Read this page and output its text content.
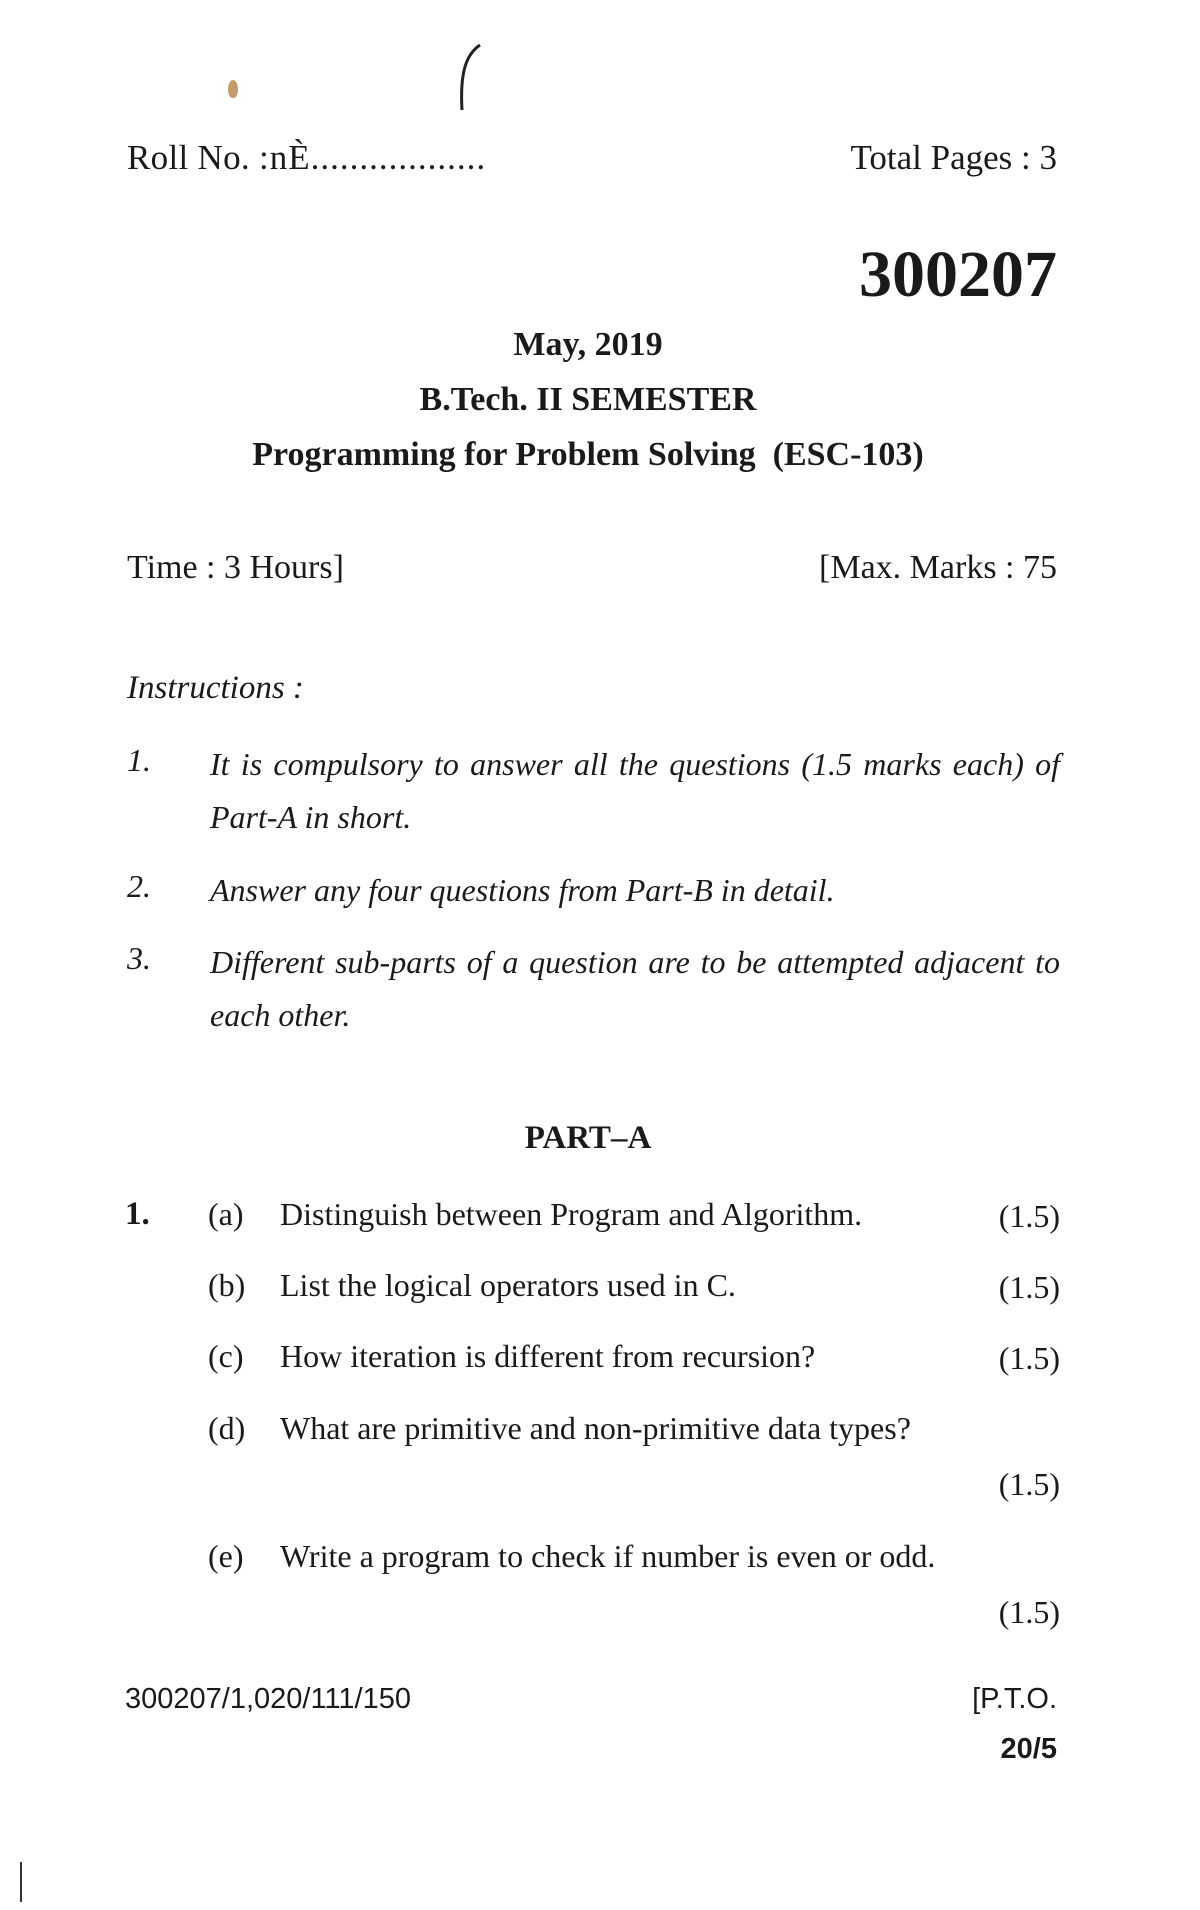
Roll No. :nÈ..................	Total Pages : 3
300207
May, 2019
B.Tech. II SEMESTER
Programming for Problem Solving  (ESC-103)
Time : 3 Hours]	[Max. Marks : 75
Instructions :
1. It is compulsory to answer all the questions (1.5 marks each) of Part-A in short.
2. Answer any four questions from Part-B in detail.
3. Different sub-parts of a question are to be attempted adjacent to each other.
PART–A
1. (a) Distinguish between Program and Algorithm.	(1.5)
(b) List the logical operators used in C.	(1.5)
(c) How iteration is different from recursion?	(1.5)
(d) What are primitive and non-primitive data types?
(1.5)
(e) Write a program to check if number is even or odd.
(1.5)
300207/1,020/111/150	[P.T.O.
20/5
